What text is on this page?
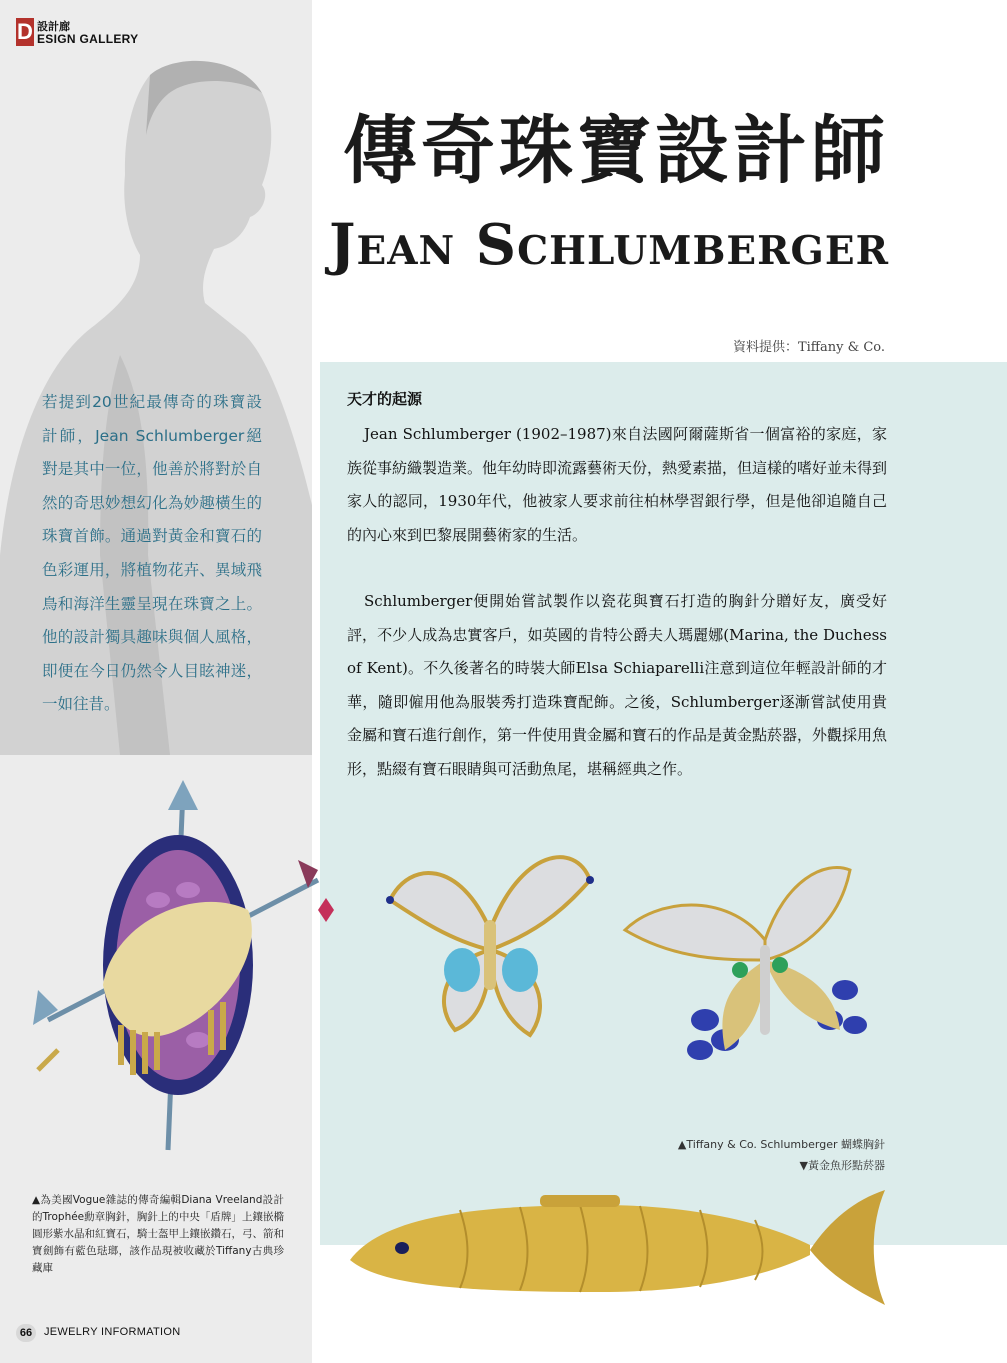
D 設計廊
ESIGN GALLERY
傳奇珠寶設計師
Jean Schlumberger
資料提供：Tiffany & Co.
若提到20世紀最傳奇的珠寶設計師，Jean Schlumberger絕對是其中一位，他善於將對於自然的奇思妙想幻化為妙趣橫生的珠寶首飾。通過對黃金和寶石的色彩運用，將植物花卉、異域飛鳥和海洋生靈呈現在珠寶之上。他的設計獨具趣味與個人風格，即便在今日仍然令人目眩神迷，一如往昔。
天才的起源

Jean Schlumberger (1902–1987)來自法國阿爾薩斯省一個富裕的家庭，家族從事紡織製造業。他年幼時即流露藝術天份，熱愛素描，但這樣的嗜好並未得到家人的認同，1930年代，他被家人要求前往柏林學習銀行學，但是他卻追隨自己的內心來到巴黎展開藝術家的生活。

Schlumberger便開始嘗試製作以瓷花與寶石打造的胸針分贈好友，廣受好評，不少人成為忠實客戶，如英國的肯特公爵夫人瑪麗娜(Marina, the Duchess of Kent)。不久後著名的時裝大師Elsa Schiaparelli注意到這位年輕設計師的才華，隨即僱用他為服裝秀打造珠寶配飾。之後，Schlumberger逐漸嘗試使用貴金屬和寶石進行創作，第一件使用貴金屬和寶石的作品是黃金點菸器，外觀採用魚形，點綴有寶石眼睛與可活動魚尾，堪稱經典之作。

▲Tiffany & Co. Schlumberger 蝴蝶胸針
▼黃金魚形點菸器
▲為美國Vogue雜誌的傳奇編輯Diana Vreeland設計的Trophée勳章胸針，胸針上的中央「盾牌」上鑲嵌橢圓形紫水晶和紅寶石，騎士盔甲上鑲嵌鑽石，弓、箭和寶劍飾有藍色琺瑯，該作品現被收藏於Tiffany古典珍藏庫
66	JEWELRY INFORMATION
